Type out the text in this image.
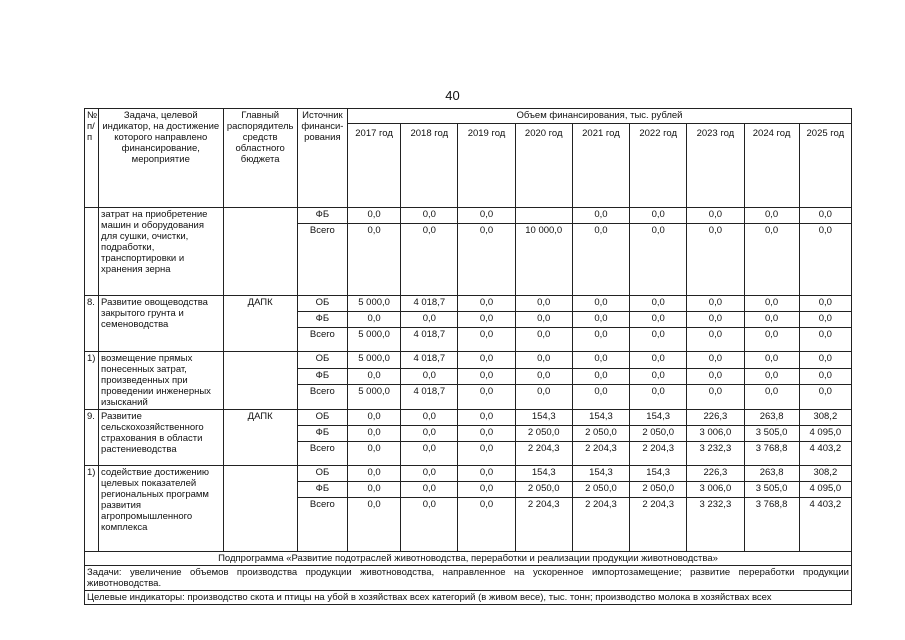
40
№ п/п	Задача, целевой индикатор, на достижение которого направлено финансирование, мероприятие	Главный распорядитель средств областного бюджета	Источник финанси-рования	Объем финансирования, тыс. рублей								
				2017 год	2018 год	2019 год	2020 год	2021 год	2022 год	2023 год	2024 год	2025 год
	затрат на приобретение машин и оборудования для сушки, очистки, подработки, транспортировки и хранения зерна		ФБ	0,0	0,0	0,0		0,0	0,0	0,0	0,0	0,0
			Всего	0,0	0,0	0,0	10 000,0	0,0	0,0	0,0	0,0	0,0
8.	Развитие овощеводства закрытого грунта и семеноводства	ДАПК	ОБ	5 000,0	4 018,7	0,0	0,0	0,0	0,0	0,0	0,0	0,0
			ФБ	0,0	0,0	0,0	0,0	0,0	0,0	0,0	0,0	0,0
			Всего	5 000,0	4 018,7	0,0	0,0	0,0	0,0	0,0	0,0	0,0
1)	возмещение прямых понесенных затрат, произведенных при проведении инженерных изысканий		ОБ	5 000,0	4 018,7	0,0	0,0	0,0	0,0	0,0	0,0	0,0
			ФБ	0,0	0,0	0,0	0,0	0,0	0,0	0,0	0,0	0,0
			Всего	5 000,0	4 018,7	0,0	0,0	0,0	0,0	0,0	0,0	0,0
9.	Развитие сельскохозяйственного страхования в области растениеводства	ДАПК	ОБ	0,0	0,0	0,0	154,3	154,3	154,3	226,3	263,8	308,2
			ФБ	0,0	0,0	0,0	2 050,0	2 050,0	2 050,0	3 006,0	3 505,0	4 095,0
			Всего	0,0	0,0	0,0	2 204,3	2 204,3	2 204,3	3 232,3	3 768,8	4 403,2
1)	содействие достижению целевых показателей региональных программ развития агропромышленного комплекса		ОБ	0,0	0,0	0,0	154,3	154,3	154,3	226,3	263,8	308,2
			ФБ	0,0	0,0	0,0	2 050,0	2 050,0	2 050,0	3 006,0	3 505,0	4 095,0
			Всего	0,0	0,0	0,0	2 204,3	2 204,3	2 204,3	3 232,3	3 768,8	4 403,2
Подпрограмма «Развитие подотраслей животноводства, переработки и реализации продукции животноводства»												
Задачи: увеличение объемов производства продукции животноводства, направленное на ускоренное импортозамещение; развитие переработки продукции животноводства.												
Целевые индикаторы: производство скота и птицы на убой в хозяйствах всех категорий (в живом весе), тыс. тонн; производство молока в хозяйствах всех												
